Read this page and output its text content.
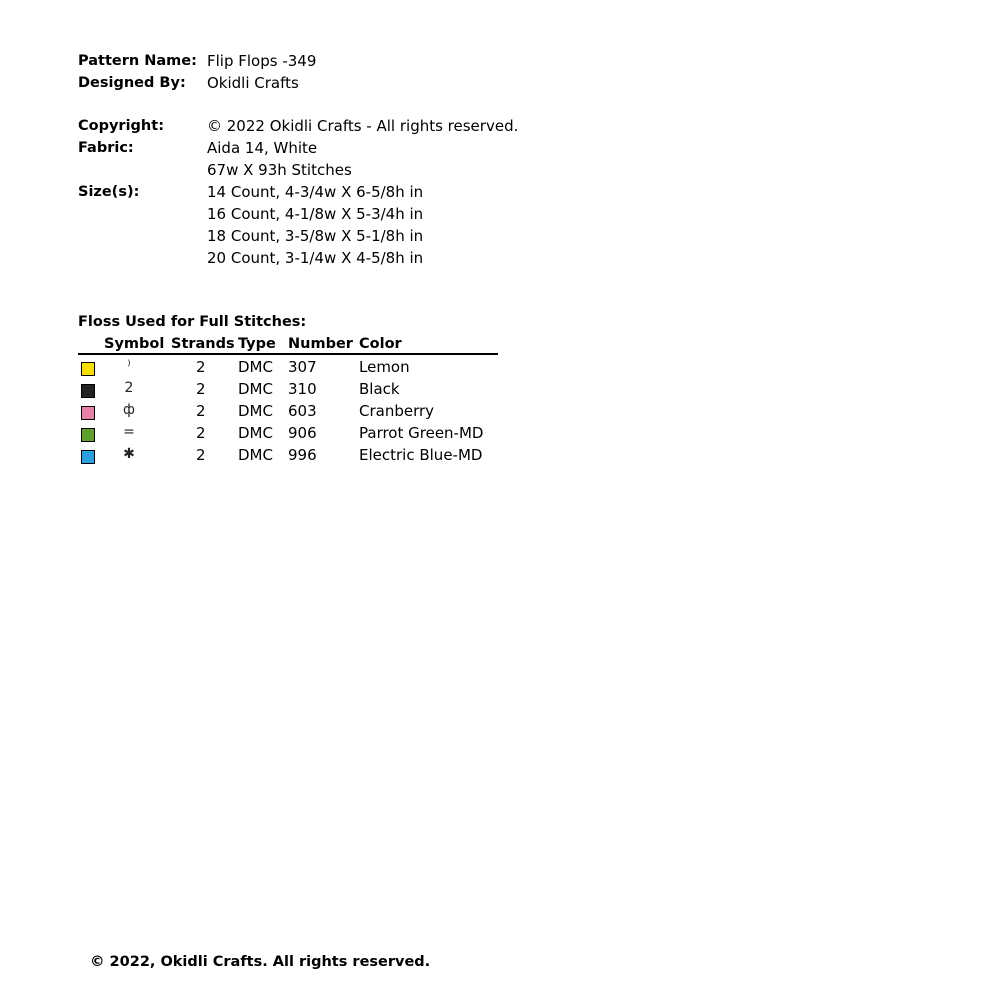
Pattern Name: Flip Flops -349
Designed By: Okidli Crafts
Copyright:	© 2022 Okidli Crafts - All rights reserved.
Fabric:	Aida 14, White
67w X 93h Stitches
Size(s):	14 Count, 4-3/4w X 6-5/8h in
16 Count, 4-1/8w X 5-3/4h in
18 Count, 3-5/8w X 5-1/8h in
20 Count, 3-1/4w X 4-5/8h in
Floss Used for Full Stitches:
Symbol Strands Type Number Color
⁾	2 DMC 307	Lemon
2	2 DMC 310	Black
ф	2 DMC 603	Cranberry
=	2 DMC 906	Parrot Green-MD
✱	2 DMC 996	Electric Blue-MD
© 2022, Okidli Crafts. All rights reserved.
